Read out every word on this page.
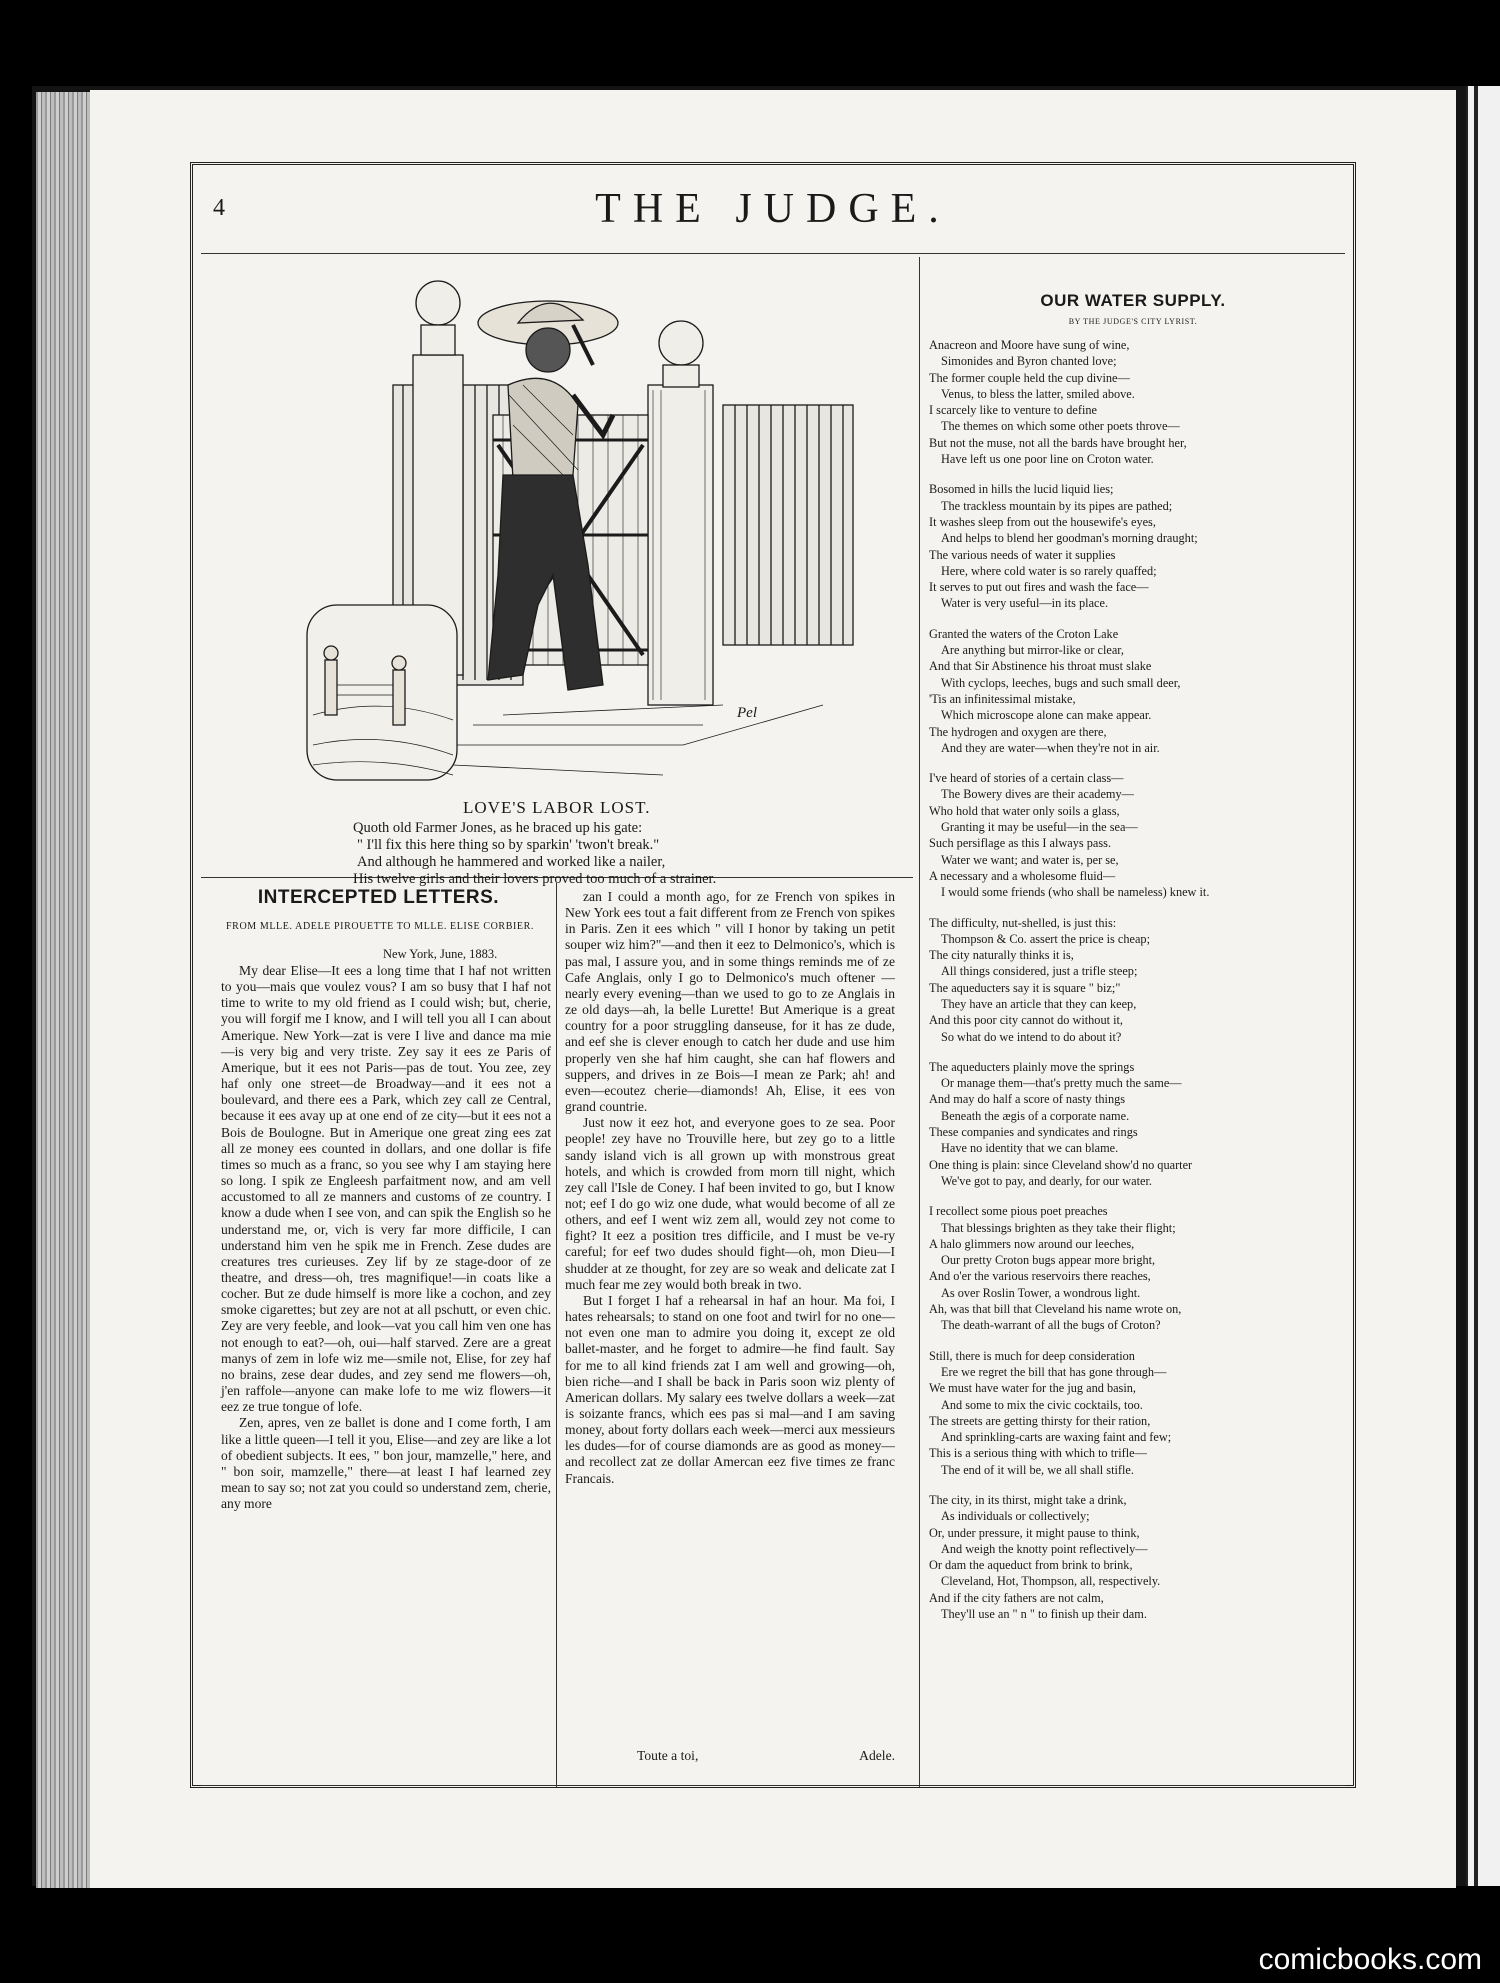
4	THE JUDGE.
Pel
LOVE'S LABOR LOST.
Quoth old Farmer Jones, as he braced up his gate:
" I'll fix this here thing so by sparkin' 'twon't break."
And although he hammered and worked like a nailer,
His twelve girls and their lovers proved too much of a strainer.
INTERCEPTED LETTERS.
FROM MLLE. ADELE PIROUETTE TO MLLE. ELISE CORBIER.
New York, June, 1883.

My dear Elise—It ees a long time that I haf not written to you—mais que voulez vous? I am so busy that I haf not time to write to my old friend as I could wish; but, cherie, you will forgif me I know, and I will tell you all I can about Amerique. New York—zat is vere I live and dance ma mie—is very big and very triste. Zey say it ees ze Paris of Amerique, but it ees not Paris—pas de tout. You zee, zey haf only one street—de Broadway—and it ees not a boulevard, and there ees a Park, which zey call ze Central, because it ees avay up at one end of ze city—but it ees not a Bois de Boulogne. But in Amerique one great zing ees zat all ze money ees counted in dollars, and one dollar is fife times so much as a franc, so you see why I am staying here so long. I spik ze Engleesh parfaitment now, and am vell accustomed to all ze manners and customs of ze country. I know a dude when I see von, and can spik the English so he understand me, or, vich is very far more difficile, I can understand him ven he spik me in French. Zese dudes are creatures tres curieuses. Zey lif by ze stage-door of ze theatre, and dress—oh, tres magnifique!—in coats like a cocher. But ze dude himself is more like a cochon, and zey smoke cigarettes; but zey are not at all pschutt, or even chic. Zey are very feeble, and look—vat you call him ven one has not enough to eat?—oh, oui—half starved. Zere are a great manys of zem in lofe wiz me—smile not, Elise, for zey haf no brains, zese dear dudes, and zey send me flowers—oh, j'en raffole—anyone can make lofe to me wiz flowers—it eez ze true tongue of lofe.

Zen, apres, ven ze ballet is done and I come forth, I am like a little queen—I tell it you, Elise—and zey are like a lot of obedient subjects. It ees, " bon jour, mamzelle," here, and " bon soir, mamzelle," there—at least I haf learned zey mean to say so; not zat you could so understand zem, cherie, any more

zan I could a month ago, for ze French von spikes in New York ees tout a fait different from ze French von spikes in Paris. Zen it ees which " vill I honor by taking un petit souper wiz him?"—and then it eez to Delmonico's, which is pas mal, I assure you, and in some things reminds me of ze Cafe Anglais, only I go to Delmonico's much oftener —nearly every evening—than we used to go to ze Anglais in ze old days—ah, la belle Lurette! But Amerique is a great country for a poor struggling danseuse, for it has ze dude, and eef she is clever enough to catch her dude and use him properly ven she haf him caught, she can haf flowers and suppers, and drives in ze Bois—I mean ze Park; ah! and even—ecoutez cherie—diamonds! Ah, Elise, it ees von grand countrie.

Just now it eez hot, and everyone goes to ze sea. Poor people! zey have no Trouville here, but zey go to a little sandy island vich is all grown up with monstrous great hotels, and which is crowded from morn till night, which zey call l'Isle de Coney. I haf been invited to go, but I know not; eef I do go wiz one dude, what would become of all ze others, and eef I went wiz zem all, would zey not come to fight? It eez a position tres difficile, and I must be ve-ry careful; for eef two dudes should fight—oh, mon Dieu—I shudder at ze thought, for zey are so weak and delicate zat I much fear me zey would both break in two.

But I forget I haf a rehearsal in haf an hour. Ma foi, I hates rehearsals; to stand on one foot and twirl for no one—not even one man to admire you doing it, except ze old ballet-master, and he forget to admire—he find fault. Say for me to all kind friends zat I am well and growing—oh, bien riche—and I shall be back in Paris soon wiz plenty of American dollars. My salary ees twelve dollars a week—zat is soizante francs, which ees pas si mal—and I am saving money, about forty dollars each week—merci aux messieurs les dudes—for of course diamonds are as good as money—and recollect zat ze dollar Amercan eez five times ze franc Francais.

Toute a toi,	Adele.
OUR WATER SUPPLY.
BY THE JUDGE'S CITY LYRIST.
Anacreon and Moore have sung of wine,
Simonides and Byron chanted love;
The former couple held the cup divine—
Venus, to bless the latter, smiled above.
I scarcely like to venture to define
The themes on which some other poets throve—
But not the muse, not all the bards have brought her,
Have left us one poor line on Croton water.
Bosomed in hills the lucid liquid lies;
The trackless mountain by its pipes are pathed;
It washes sleep from out the housewife's eyes,
And helps to blend her goodman's morning draught;
The various needs of water it supplies
Here, where cold water is so rarely quaffed;
It serves to put out fires and wash the face—
Water is very useful—in its place.
Granted the waters of the Croton Lake
Are anything but mirror-like or clear,
And that Sir Abstinence his throat must slake
With cyclops, leeches, bugs and such small deer,
'Tis an infinitessimal mistake,
Which microscope alone can make appear.
The hydrogen and oxygen are there,
And they are water—when they're not in air.
I've heard of stories of a certain class—
The Bowery dives are their academy—
Who hold that water only soils a glass,
Granting it may be useful—in the sea—
Such persiflage as this I always pass.
Water we want; and water is, per se,
A necessary and a wholesome fluid—
I would some friends (who shall be nameless) knew it.
The difficulty, nut-shelled, is just this:
Thompson & Co. assert the price is cheap;
The city naturally thinks it is,
All things considered, just a trifle steep;
The aqueducters say it is square " biz;"
They have an article that they can keep,
And this poor city cannot do without it,
So what do we intend to do about it?
The aqueducters plainly move the springs
Or manage them—that's pretty much the same—
And may do half a score of nasty things
Beneath the ægis of a corporate name.
These companies and syndicates and rings
Have no identity that we can blame.
One thing is plain: since Cleveland show'd no quarter
We've got to pay, and dearly, for our water.
I recollect some pious poet preaches
That blessings brighten as they take their flight;
A halo glimmers now around our leeches,
Our pretty Croton bugs appear more bright,
And o'er the various reservoirs there reaches,
As over Roslin Tower, a wondrous light.
Ah, was that bill that Cleveland his name wrote on,
The death-warrant of all the bugs of Croton?
Still, there is much for deep consideration
Ere we regret the bill that has gone through—
We must have water for the jug and basin,
And some to mix the civic cocktails, too.
The streets are getting thirsty for their ration,
And sprinkling-carts are waxing faint and few;
This is a serious thing with which to trifle—
The end of it will be, we all shall stifle.
The city, in its thirst, might take a drink,
As individuals or collectively;
Or, under pressure, it might pause to think,
And weigh the knotty point reflectively—
Or dam the aqueduct from brink to brink,
Cleveland, Hot, Thompson, all, respectively.
And if the city fathers are not calm,
They'll use an " n " to finish up their dam.
comicbooks.com
